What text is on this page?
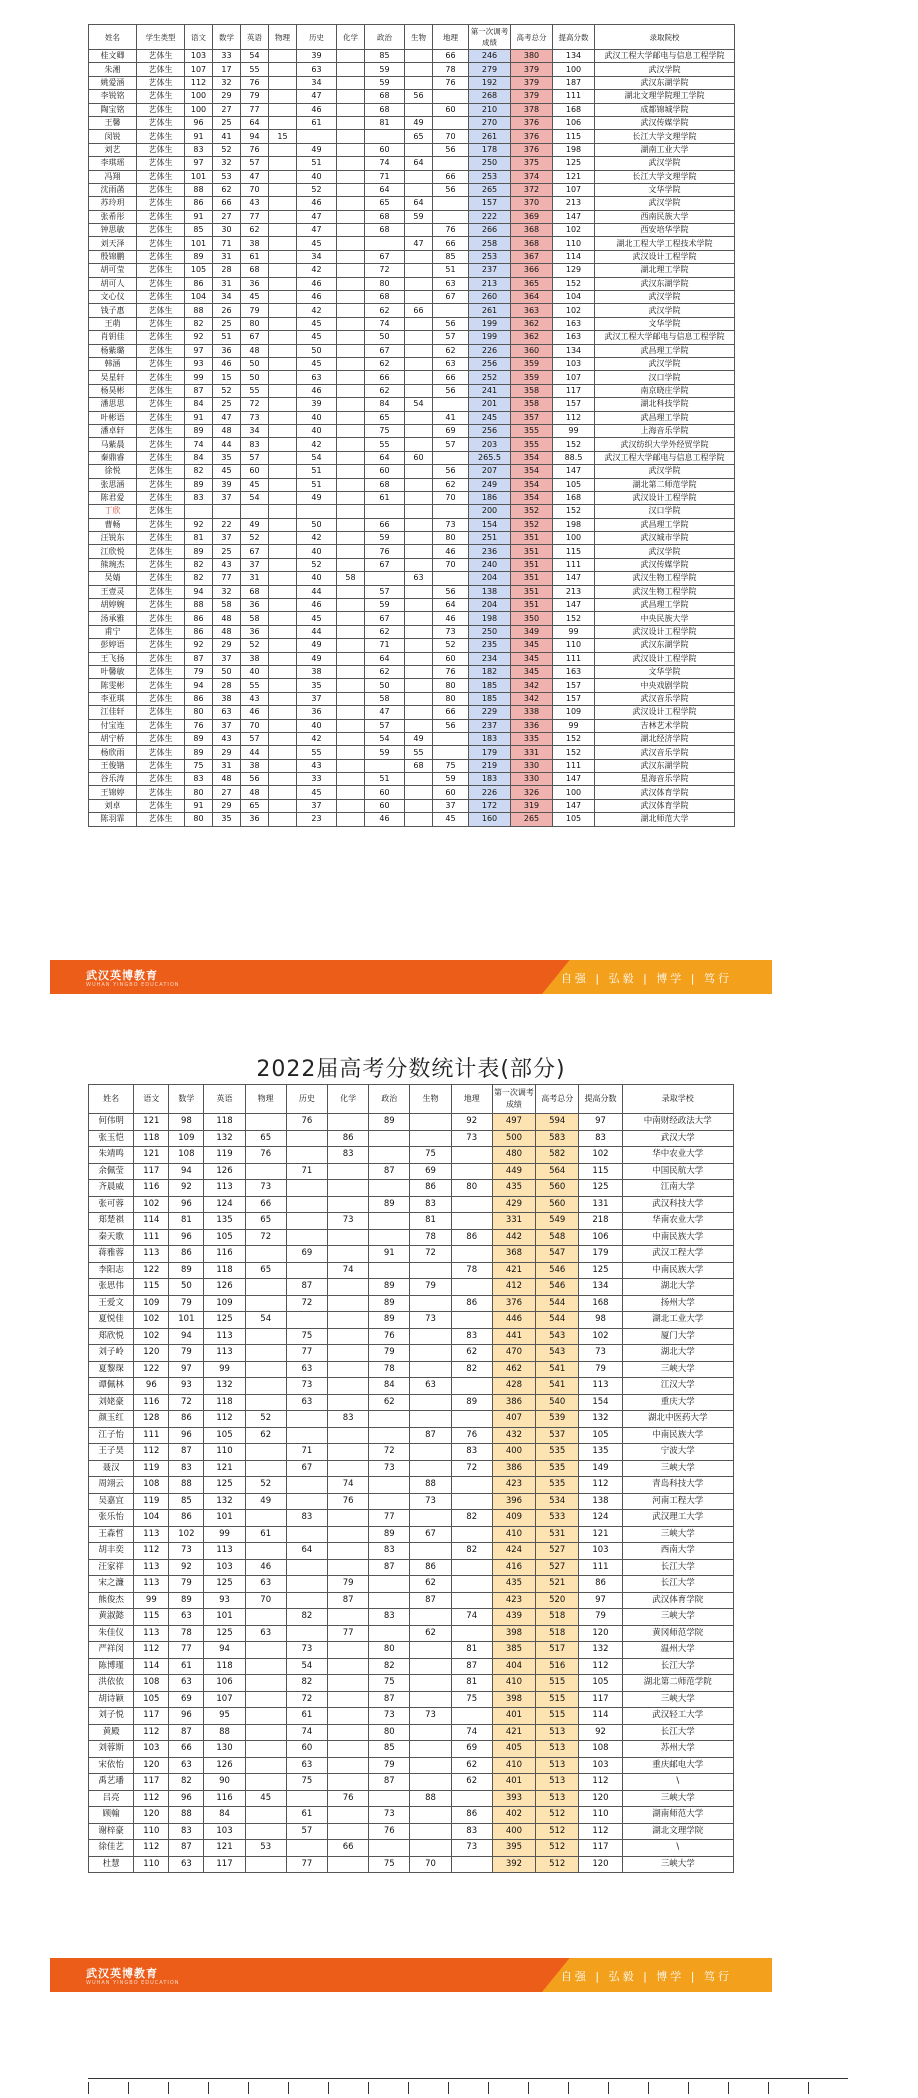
姓名	学生类型	语文	数学	英语	物理	历史	化学	政治	生物	地理	第一次调考成绩	高考总分	提高分数	录取院校
桂文卿	艺体生	103	33	54		39		85		66	246	380	134	武汉工程大学邮电与信息工程学院
朱湘	艺体生	107	17	55		63		59		78	279	379	100	武汉学院
姚爱涵	艺体生	112	32	76		34		59		76	192	379	187	武汉东湖学院
李锐铭	艺体生	100	29	79		47		68	56		268	379	111	湖北文理学院理工学院
陶宝铭	艺体生	100	27	77		46		68		60	210	378	168	成都锦城学院
王馨	艺体生	96	25	64		61		81	49		270	376	106	武汉传媒学院
闵锐	艺体生	91	41	94	15				65	70	261	376	115	长江大学文理学院
刘艺	艺体生	83	52	76		49		60		56	178	376	198	湖南工业大学
李琪瑶	艺体生	97	32	57		51		74	64		250	375	125	武汉学院
冯翔	艺体生	101	53	47		40		71		66	253	374	121	长江大学文理学院
沈雨菡	艺体生	88	62	70		52		64		56	265	372	107	文华学院
苏玲玥	艺体生	86	66	43		46		65	64		157	370	213	武汉学院
张希彤	艺体生	91	27	77		47		68	59		222	369	147	西南民族大学
钟思敏	艺体生	85	30	62		47		68		76	266	368	102	西安培华学院
刘天泽	艺体生	101	71	38		45			47	66	258	368	110	湖北工程大学工程技术学院
殷锦鹏	艺体生	89	31	61		34		67		85	253	367	114	武汉设计工程学院
胡可莹	艺体生	105	28	68		42		72		51	237	366	129	湖北理工学院
胡可人	艺体生	86	31	36		46		80		63	213	365	152	武汉东湖学院
文心仪	艺体生	104	34	45		46		68		67	260	364	104	武汉学院
钱子惠	艺体生	88	26	79		42		62	66		261	363	102	武汉学院
王萌	艺体生	82	25	80		45		74		56	199	362	163	文华学院
肖钥佳	艺体生	92	51	67		45		50		57	199	362	163	武汉工程大学邮电与信息工程学院
杨紫璐	艺体生	97	36	48		50		67		62	226	360	134	武昌理工学院
韩涵	艺体生	93	46	50		45		62		63	256	359	103	武汉学院
吴星轩	艺体生	99	15	50		63		66		66	252	359	107	汉口学院
杨昊彬	艺体生	87	52	55		46		62		56	241	358	117	南京晓庄学院
潘思思	艺体生	84	25	72		39		84	54		201	358	157	湖北科技学院
叶彬语	艺体生	91	47	73		40		65		41	245	357	112	武昌理工学院
潘卓轩	艺体生	89	48	34		40		75		69	256	355	99	上海音乐学院
马紫晨	艺体生	74	44	83		42		55		57	203	355	152	武汉纺织大学外经贸学院
秦鼎睿	艺体生	84	35	57		54		64	60		265.5	354	88.5	武汉工程大学邮电与信息工程学院
徐悦	艺体生	82	45	60		51		60		56	207	354	147	武汉学院
张思涵	艺体生	89	39	45		51		68		62	249	354	105	湖北第二师范学院
陈君爱	艺体生	83	37	54		49		61		70	186	354	168	武汉设计工程学院
丁欣	艺体生										200	352	152	汉口学院
曹畅	艺体生	92	22	49		50		66		73	154	352	198	武昌理工学院
汪锐东	艺体生	81	37	52		42		59		80	251	351	100	武汉城市学院
江欣悦	艺体生	89	25	67		40		76		46	236	351	115	武汉学院
熊琬杰	艺体生	82	43	37		52		67		70	240	351	111	武汉传媒学院
吴婧	艺体生	82	77	31		40	58		63		204	351	147	武汉生物工程学院
王壹灵	艺体生	94	32	68		44		57		56	138	351	213	武汉生物工程学院
胡婷婉	艺体生	88	58	36		46		59		64	204	351	147	武昌理工学院
汤承雅	艺体生	86	48	58		45		67		46	198	350	152	中央民族大学
甫宁	艺体生	86	48	36		44		62		73	250	349	99	武汉设计工程学院
彭婷语	艺体生	92	29	52		49		71		52	235	345	110	武汉东湖学院
王飞扬	艺体生	87	37	38		49		64		60	234	345	111	武汉设计工程学院
叶馨敏	艺体生	79	50	40		38		62		76	182	345	163	文华学院
陈雯彬	艺体生	94	28	55		35		50		80	185	342	157	中央戏剧学院
李亚琪	艺体生	86	38	43		37		58		80	185	342	157	武汉音乐学院
江佳轩	艺体生	80	63	46		36		47		66	229	338	109	武汉设计工程学院
付宝连	艺体生	76	37	70		40		57		56	237	336	99	吉林艺术学院
胡宁桥	艺体生	89	43	57		42		54	49		183	335	152	湖北经济学院
杨欣雨	艺体生	89	29	44		55		59	55		179	331	152	武汉音乐学院
王俊锴	艺体生	75	31	38		43			68	75	219	330	111	武汉东湖学院
谷乐涛	艺体生	83	48	56		33		51		59	183	330	147	星海音乐学院
王锦婷	艺体生	80	27	48		45		60		60	226	326	100	武汉体育学院
刘卓	艺体生	91	29	65		37		60		37	172	319	147	武汉体育学院
陈羽霏	艺体生	80	35	36		23		46		45	160	265	105	湖北师范大学
武汉英博教育
WUHAN YINGBO EDUCATION	自强 | 弘毅 | 博学 | 笃行
2022届高考分数统计表(部分)
姓名	语文	数学	英语	物理	历史	化学	政治	生物	地理	第一次调考成绩	高考总分	提高分数	录取学校
何伟明	121	98	118		76		89		92	497	594	97	中南财经政法大学
张玉恺	118	109	132	65		86			73	500	583	83	武汉大学
朱靖鸣	121	108	119	76		83		75		480	582	102	华中农业大学
余佩莹	117	94	126		71		87	69		449	564	115	中国民航大学
齐晨威	116	92	113	73				86	80	435	560	125	江南大学
张可蓉	102	96	124	66			89	83		429	560	131	武汉科技大学
郑楚祺	114	81	135	65		73		81		331	549	218	华南农业大学
秦天歌	111	96	105	72				78	86	442	548	106	中南民族大学
蒋雅蓉	113	86	116		69		91	72		368	547	179	武汉工程大学
李阳志	122	89	118	65		74			78	421	546	125	中南民族大学
张思伟	115	50	126		87		89	79		412	546	134	湖北大学
王爱文	109	79	109		72		89		86	376	544	168	扬州大学
夏悦佳	102	101	125	54			89	73		446	544	98	湖北工业大学
郑欣悦	102	94	113		75		76		83	441	543	102	厦门大学
刘子岭	120	79	113		77		79		62	470	543	73	湖北大学
夏黎琛	122	97	99		63		78		82	462	541	79	三峡大学
谭佩林	96	93	132		73		84	63		428	541	113	江汉大学
刘姥豪	116	72	118		63		62		89	386	540	154	重庆大学
颜玉红	128	86	112	52		83				407	539	132	湖北中医药大学
江子怡	111	96	105	62				87	76	432	537	105	中南民族大学
王子昊	112	87	110		71		72		83	400	535	135	宁波大学
聂汉	119	83	121		67		73		72	386	535	149	三峡大学
周翊云	108	88	125	52		74		88		423	535	112	青岛科技大学
吴嘉宜	119	85	132	49		76		73		396	534	138	河南工程大学
张乐怡	104	86	101		83		77		82	409	533	124	武汉理工大学
王森哲	113	102	99	61			89	67		410	531	121	三峡大学
胡丰奕	112	73	113		64		83		82	424	527	103	西南大学
汪家祥	113	92	103	46			87	86		416	527	111	长江大学
宋之濂	113	79	125	63		79		62		435	521	86	长江大学
熊俊杰	99	89	93	70		87		87		423	520	97	武汉体育学院
黄淑懿	115	63	101		82		83		74	439	518	79	三峡大学
朱佳仪	113	78	125	63		77		62		398	518	120	黄冈师范学院
严祥闵	112	77	94		73		80		81	385	517	132	温州大学
陈博瑾	114	61	118		54		82		87	404	516	112	长江大学
洪依依	108	63	106		82		75		81	410	515	105	湖北第二师范学院
胡诗颖	105	69	107		72		87		75	398	515	117	三峡大学
刘子悦	117	96	95		61		73	73		401	515	114	武汉轻工大学
黄殿	112	87	88		74		80		74	421	513	92	长江大学
刘蓉斯	103	66	130		60		85		69	405	513	108	苏州大学
宋依怡	120	63	126		63		79		62	410	513	103	重庆邮电大学
禹艺璠	117	82	90		75		87		62	401	513	112	\
吕亮	112	96	116	45		76		88		393	513	120	三峡大学
顾翰	120	88	84		61		73		86	402	512	110	湖南师范大学
谢梓豪	110	83	103		57		76		83	400	512	112	湖北文理学院
徐佳艺	112	87	121	53		66			73	395	512	117	\
杜慧	110	63	117		77		75	70		392	512	120	三峡大学
武汉英博教育
WUHAN YINGBO EDUCATION	自强 | 弘毅 | 博学 | 笃行
